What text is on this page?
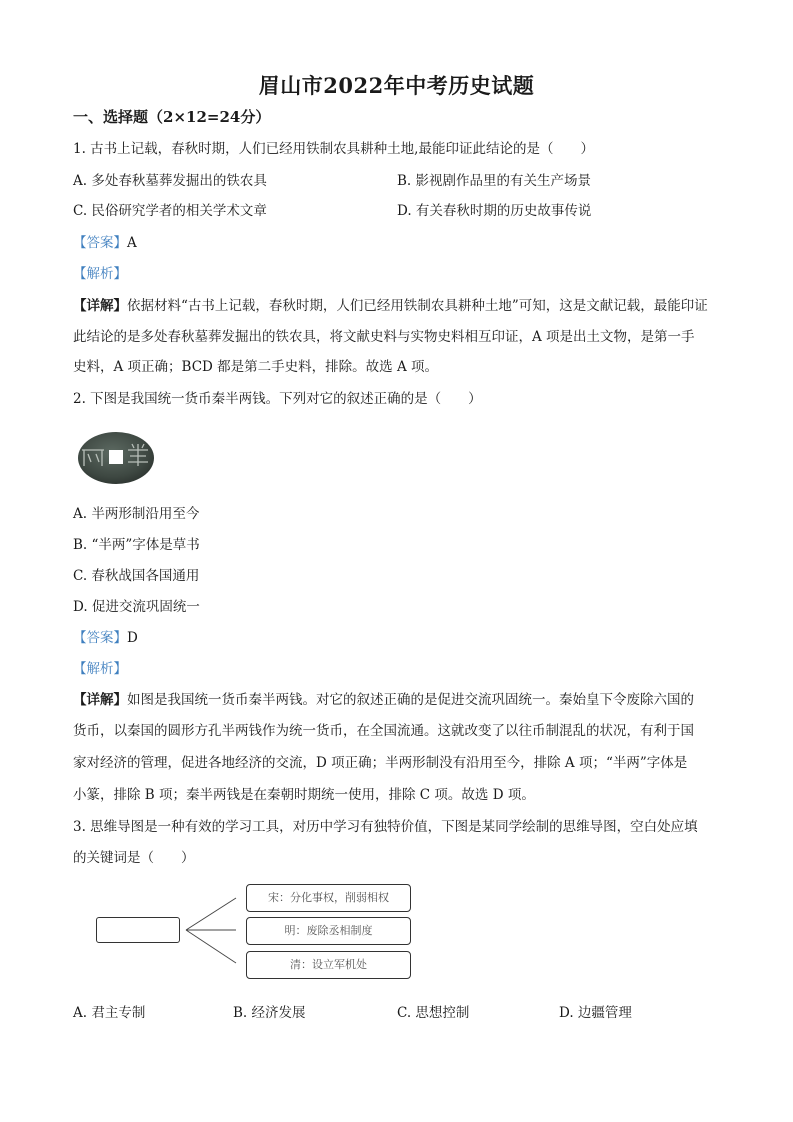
眉山市2022年中考历史试题
一、选择题（2×12=24分）
1. 古书上记载，春秋时期，人们已经用铁制农具耕种土地,最能印证此结论的是（　　）
A. 多处春秋墓葬发掘出的铁农具	B. 影视剧作品里的有关生产场景
C. 民俗研究学者的相关学术文章	D. 有关春秋时期的历史故事传说
【答案】A
【解析】
【详解】依据材料“古书上记载，春秋时期，人们已经用铁制农具耕种土地”可知，这是文献记载，最能印证
此结论的是多处春秋墓葬发掘出的铁农具，将文献史料与实物史料相互印证，A 项是出土文物，是第一手
史料，A 项正确；BCD 都是第二手史料，排除。故选 A 项。
2. 下图是我国统一货币秦半两钱。下列对它的叙述正确的是（　　）
A. 半两形制沿用至今
B. “半两”字体是草书
C. 春秋战国各国通用
D. 促进交流巩固统一
【答案】D
【解析】
【详解】如图是我国统一货币秦半两钱。对它的叙述正确的是促进交流巩固统一。秦始皇下令废除六国的
货币，以秦国的圆形方孔半两钱作为统一货币，在全国流通。这就改变了以往币制混乱的状况，有利于国
家对经济的管理，促进各地经济的交流，D 项正确；半两形制没有沿用至今，排除 A 项；“半两”字体是
小篆，排除 B 项；秦半两钱是在秦朝时期统一使用，排除 C 项。故选 D 项。
3. 思维导图是一种有效的学习工具，对历中学习有独特价值，下图是某同学绘制的思维导图，空白处应填
的关键词是（　　）
宋：分化事权，削弱相权
明：废除丞相制度
清：设立军机处
A. 君主专制	B. 经济发展	C. 思想控制	D. 边疆管理
